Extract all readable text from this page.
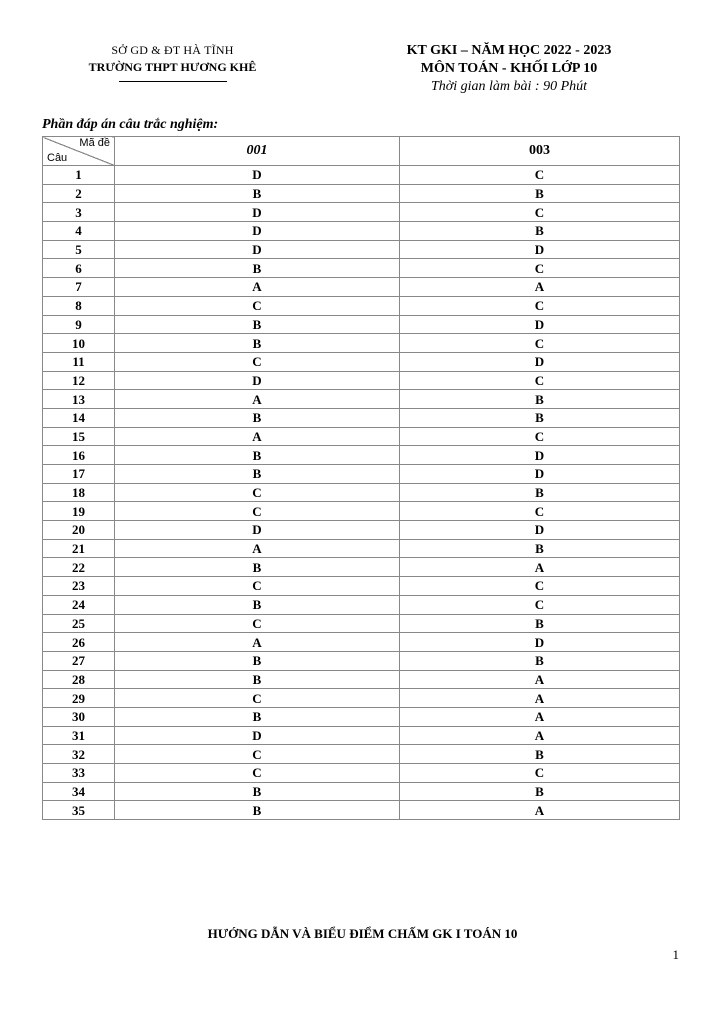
SỞ GD & ĐT HÀ TĨNH
TRƯỜNG THPT HƯƠNG KHÊ
KT GKI – NĂM HỌC 2022 - 2023
MÔN TOÁN - KHỐI LỚP 10
Thời gian làm bài : 90 Phút
Phần đáp án câu trắc nghiệm:
Mã đề
Câu	001	003
1	D	C
2	B	B
3	D	C
4	D	B
5	D	D
6	B	C
7	A	A
8	C	C
9	B	D
10	B	C
11	C	D
12	D	C
13	A	B
14	B	B
15	A	C
16	B	D
17	B	D
18	C	B
19	C	C
20	D	D
21	A	B
22	B	A
23	C	C
24	B	C
25	C	B
26	A	D
27	B	B
28	B	A
29	C	A
30	B	A
31	D	A
32	C	B
33	C	C
34	B	B
35	B	A
HƯỚNG DẪN VÀ BIỂU ĐIỂM CHẤM GK I TOÁN 10
1
